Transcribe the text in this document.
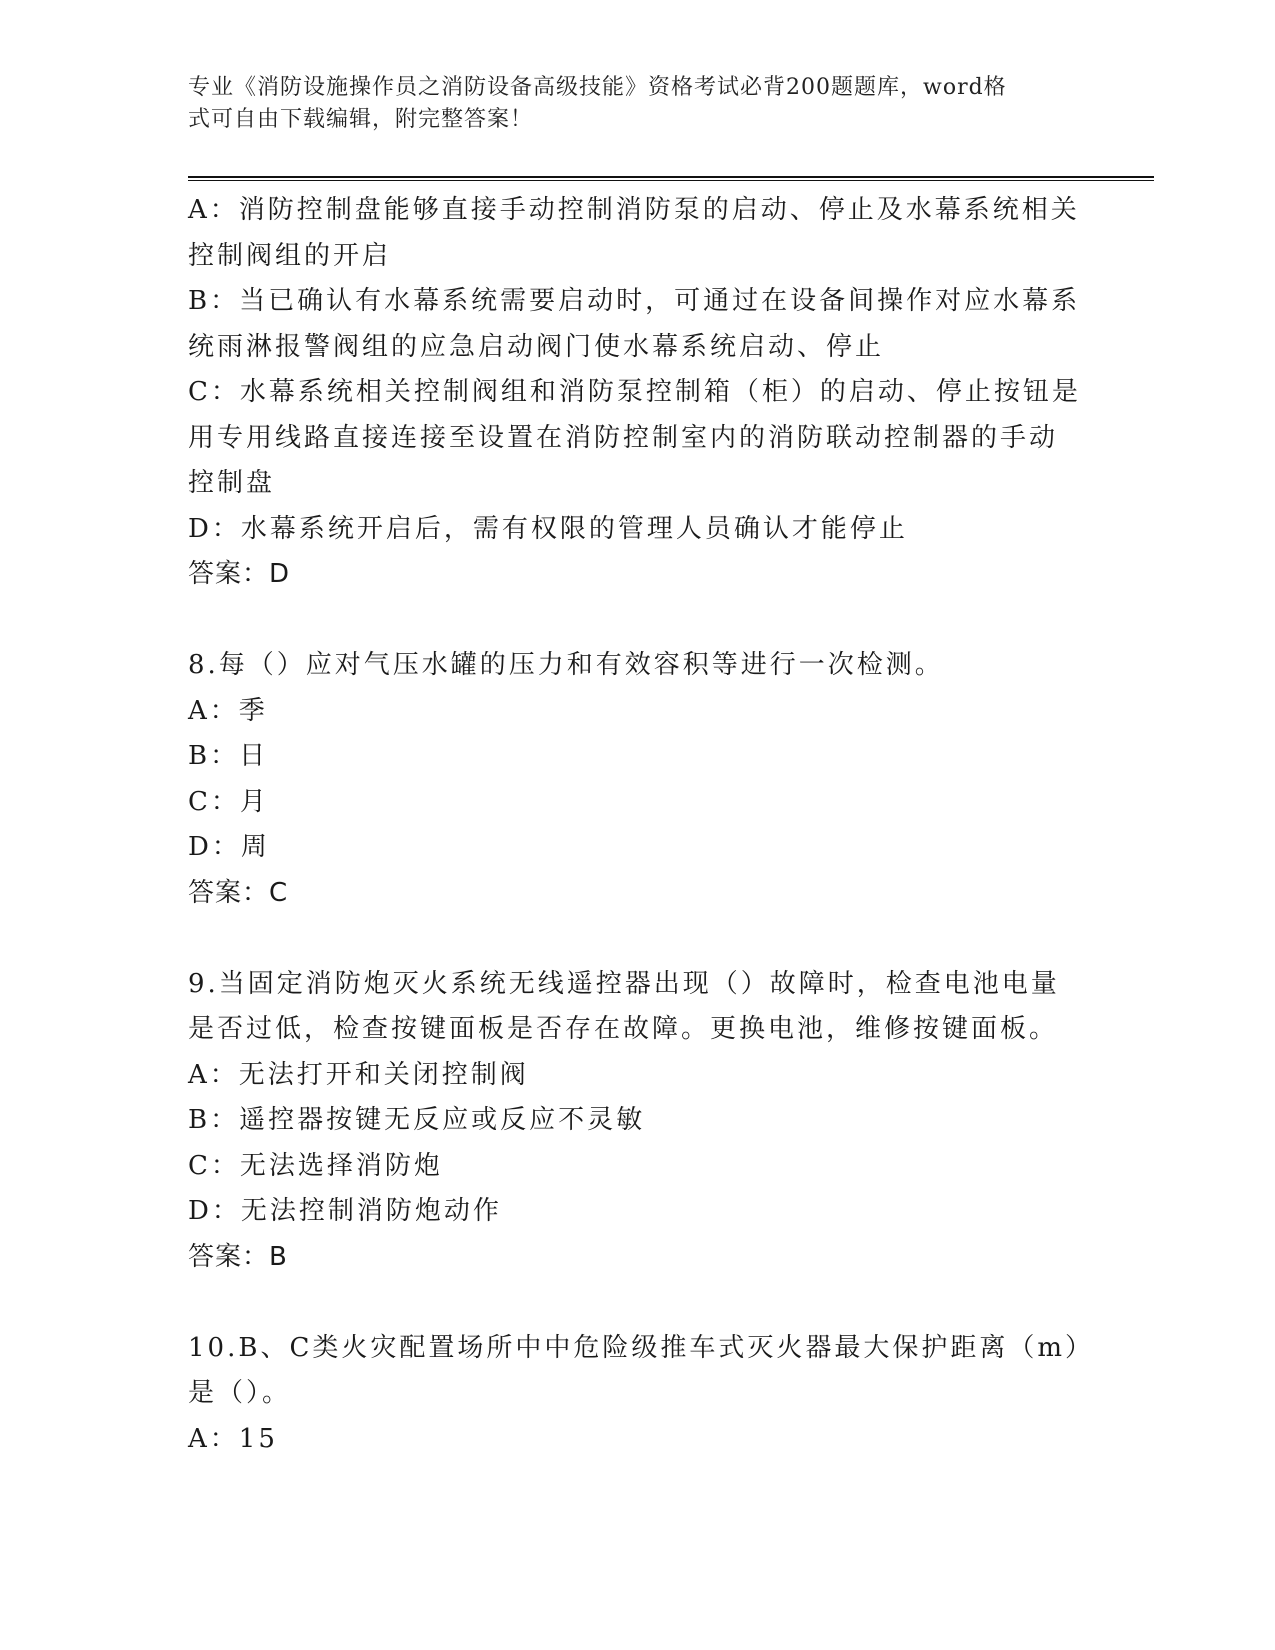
专业《消防设施操作员之消防设备高级技能》资格考试必背200题题库，word格
式可自由下载编辑，附完整答案！
A：消防控制盘能够直接手动控制消防泵的启动、停止及水幕系统相关
控制阀组的开启
B：当已确认有水幕系统需要启动时，可通过在设备间操作对应水幕系
统雨淋报警阀组的应急启动阀门使水幕系统启动、停止
C：水幕系统相关控制阀组和消防泵控制箱（柜）的启动、停止按钮是
用专用线路直接连接至设置在消防控制室内的消防联动控制器的手动
控制盘
D：水幕系统开启后，需有权限的管理人员确认才能停止
答案：D
8.每（）应对气压水罐的压力和有效容积等进行一次检测。
A：季
B：日
C：月
D：周
答案：C
9.当固定消防炮灭火系统无线遥控器出现（）故障时，检查电池电量
是否过低，检查按键面板是否存在故障。更换电池，维修按键面板。
A：无法打开和关闭控制阀
B：遥控器按键无反应或反应不灵敏
C：无法选择消防炮
D：无法控制消防炮动作
答案：B
10.B、C类火灾配置场所中中危险级推车式灭火器最大保护距离（m）
是（）。
A：15
